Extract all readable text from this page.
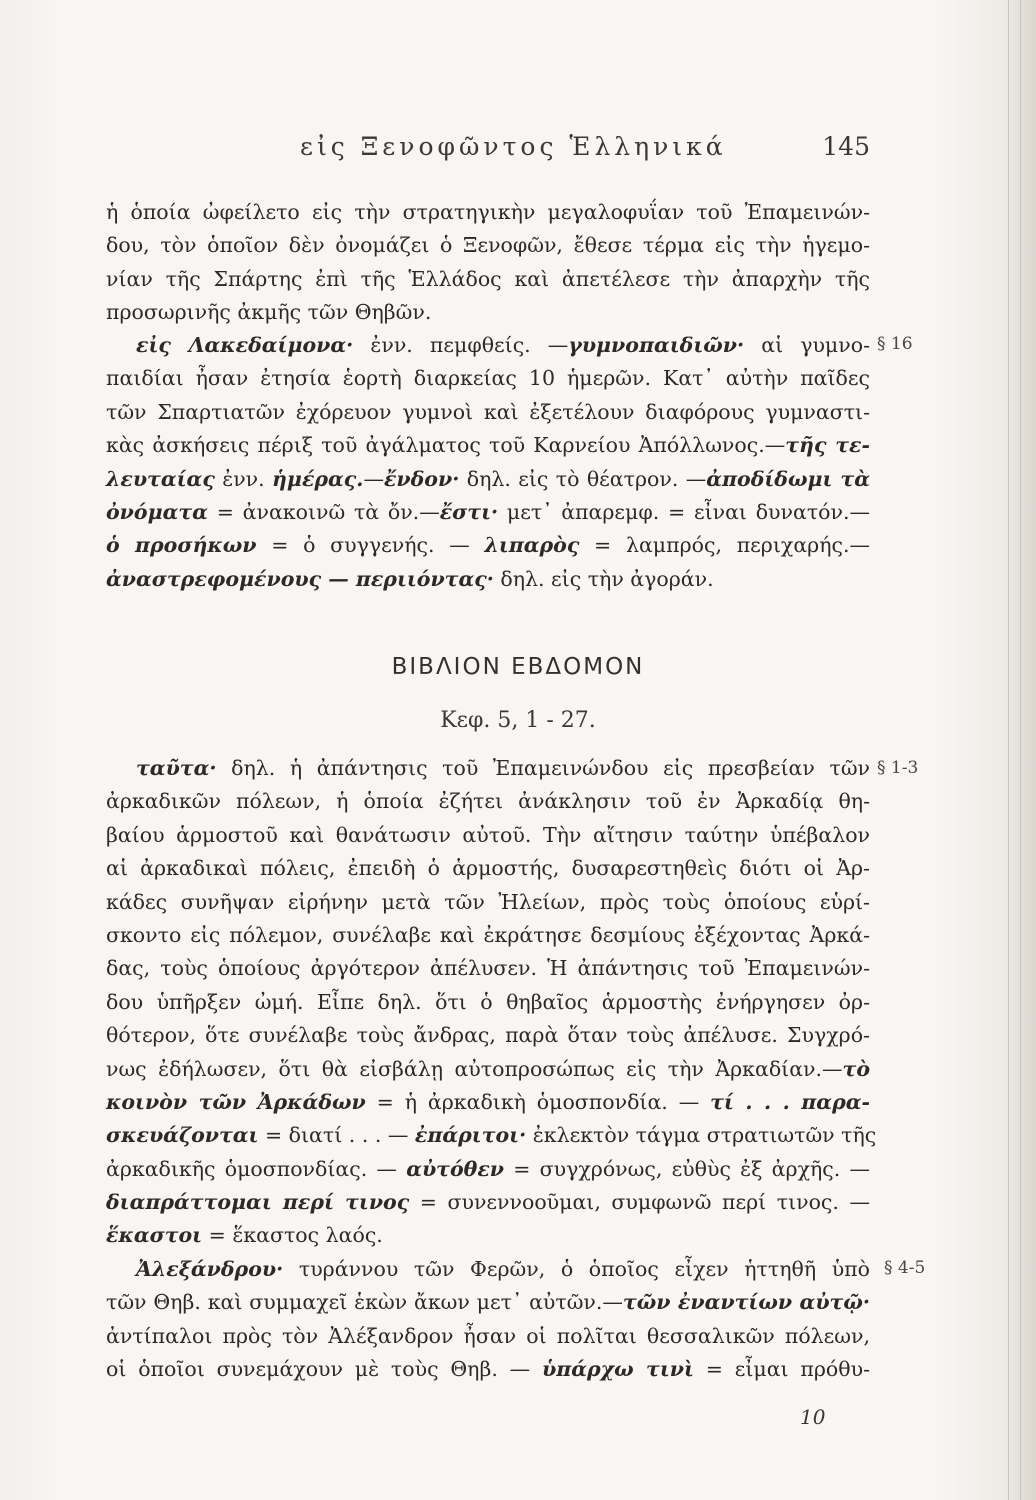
εἰς Ξενοφῶντος Ἑλληνικά	145

ἡ ὁποία ὠφείλετο εἰς τὴν στρατηγικὴν μεγαλοφυΐαν τοῦ Ἐπαμεινών-
δου, τὸν ὁποῖον δὲν ὀνομάζει ὁ Ξενοφῶν, ἔθεσε τέρμα εἰς τὴν ἡγεμο-
νίαν τῆς Σπάρτης ἐπὶ τῆς Ἑλλάδος καὶ ἀπετέλεσε τὴν ἀπαρχὴν τῆς
προσωρινῆς ἀκμῆς τῶν Θηβῶν.

εἰς Λακεδαίμονα· ἐνν. πεμφθείς. —γυμνοπαιδιῶν· αἱ γυμνο-
παιδίαι ἦσαν ἐτησία ἑορτὴ διαρκείας 10 ἡμερῶν. Κατ᾿ αὐτὴν παῖδες
τῶν Σπαρτιατῶν ἐχόρευον γυμνοὶ καὶ ἐξετέλουν διαφόρους γυμναστι-
κὰς ἀσκήσεις πέριξ τοῦ ἀγάλματος τοῦ Καρνείου Ἀπόλλωνος.—τῆς τε-
λευταίας ἐνν. ἡμέρας.—ἔνδον· δηλ. εἰς τὸ θέατρον. —ἀποδίδωμι τὰ
ὀνόματα = ἀνακοινῶ τὰ ὄν.—ἔστι· μετ᾿ ἀπαρεμφ. = εἶναι δυνατόν.—
ὁ προσήκων = ὁ συγγενής. — λιπαρὸς = λαμπρός, περιχαρής.—
ἀναστρεφομένους — περιιόντας· δηλ. εἰς τὴν ἀγοράν.

ΒΙΒΛΙΟΝ ΕΒΔΟΜΟΝ
Κεφ. 5, 1 - 27.

ταῦτα· δηλ. ἡ ἀπάντησις τοῦ Ἐπαμεινώνδου εἰς πρεσβείαν τῶν
ἀρκαδικῶν πόλεων, ἡ ὁποία ἐζήτει ἀνάκλησιν τοῦ ἐν Ἀρκαδίᾳ θη-
βαίου ἁρμοστοῦ καὶ θανάτωσιν αὐτοῦ. Τὴν αἴτησιν ταύτην ὑπέβαλον
αἱ ἀρκαδικαὶ πόλεις, ἐπειδὴ ὁ ἁρμοστής, δυσαρεστηθεὶς διότι οἱ Ἀρ-
κάδες συνῆψαν εἰρήνην μετὰ τῶν Ἠλείων, πρὸς τοὺς ὁποίους εὑρί-
σκοντο εἰς πόλεμον, συνέλαβε καὶ ἐκράτησε δεσμίους ἐξέχοντας Ἀρκά-
δας, τοὺς ὁποίους ἀργότερον ἀπέλυσεν. Ἡ ἀπάντησις τοῦ Ἐπαμεινών-
δου ὑπῆρξεν ὠμή. Εἶπε δηλ. ὅτι ὁ θηβαῖος ἁρμοστὴς ἐνήργησεν ὀρ-
θότερον, ὅτε συνέλαβε τοὺς ἄνδρας, παρὰ ὅταν τοὺς ἀπέλυσε. Συγχρό-
νως ἐδήλωσεν, ὅτι θὰ εἰσβάλῃ αὐτοπροσώπως εἰς τὴν Ἀρκαδίαν.—τὸ
κοινὸν τῶν Ἀρκάδων = ἡ ἀρκαδικὴ ὁμοσπονδία. — τί . . . παρα-
σκευάζονται = διατί . . . — ἐπάριτοι· ἐκλεκτὸν τάγμα στρατιωτῶν τῆς
ἀρκαδικῆς ὁμοσπονδίας. — αὐτόθεν = συγχρόνως, εὐθὺς ἐξ ἀρχῆς. —
διαπράττομαι περί τινος = συνεννοοῦμαι, συμφωνῶ περί τινος. —
ἕκαστοι = ἕκαστος λαός.

Ἀλεξάνδρου· τυράννου τῶν Φερῶν, ὁ ὁποῖος εἶχεν ἡττηθῆ ὑπὸ
τῶν Θηβ. καὶ συμμαχεῖ ἑκὼν ἄκων μετ᾿ αὐτῶν.—τῶν ἐναντίων αὐτῷ·
ἀντίπαλοι πρὸς τὸν Ἀλέξανδρον ἦσαν οἱ πολῖται θεσσαλικῶν πόλεων,
οἱ ὁποῖοι συνεμάχουν μὲ τοὺς Θηβ. — ὑπάρχω τινὶ = εἶμαι πρόθυ-

§ 16
§ 1-3
§ 4-5
10
